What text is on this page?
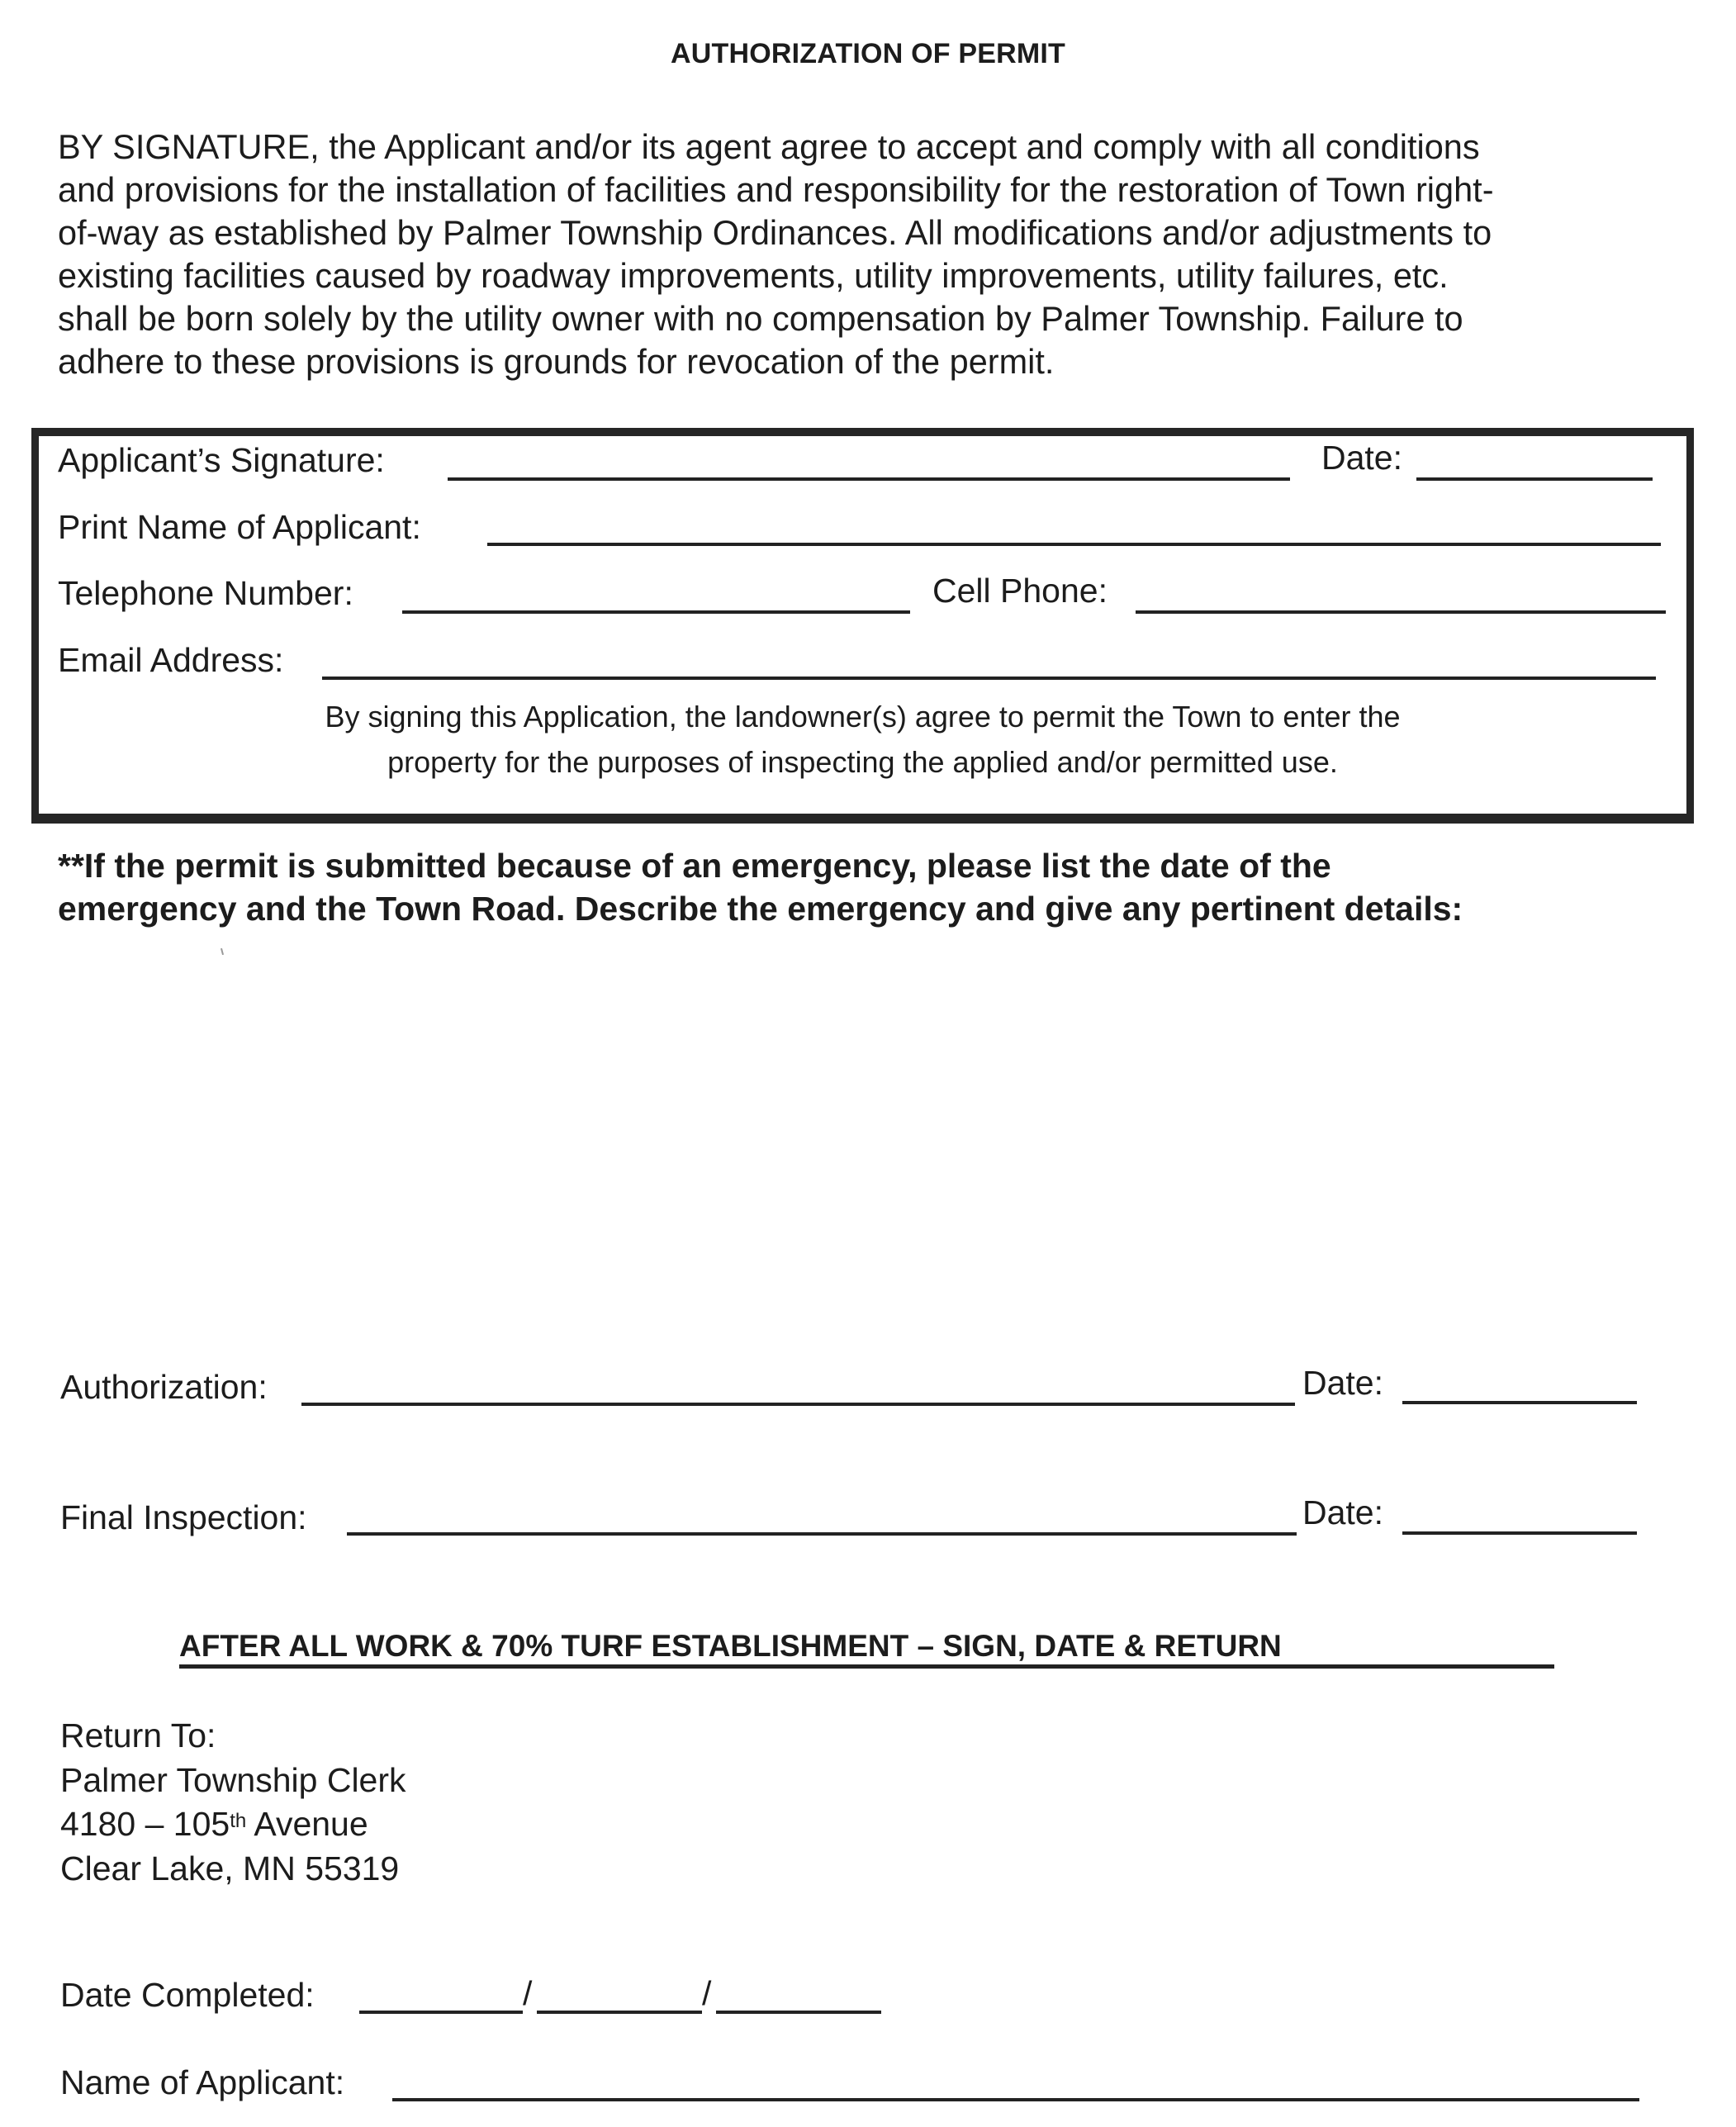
AUTHORIZATION OF PERMIT
BY SIGNATURE, the Applicant and/or its agent agree to accept and comply with all conditions
and provisions for the installation of facilities and responsibility for the restoration of Town right-
of-way as established by Palmer Township Ordinances. All modifications and/or adjustments to
existing facilities caused by roadway improvements, utility improvements, utility failures, etc.
shall be born solely by the utility owner with no compensation by Palmer Township. Failure to
adhere to these provisions is grounds for revocation of the permit.
Applicant’s Signature:	Date:
Print Name of Applicant:
Telephone Number:	Cell Phone:
Email Address:
By signing this Application, the landowner(s) agree to permit the Town to enter the
property for the purposes of inspecting the applied and/or permitted use.
**If the permit is submitted because of an emergency, please list the date of the
emergency and the Town Road. Describe the emergency and give any pertinent details:
Authorization:	Date:
Final Inspection:	Date:
AFTER ALL WORK & 70% TURF ESTABLISHMENT – SIGN, DATE & RETURN
Return To:
Palmer Township Clerk
4180 – 105th Avenue
Clear Lake, MN 55319
Date Completed:	/	/
Name of Applicant:
